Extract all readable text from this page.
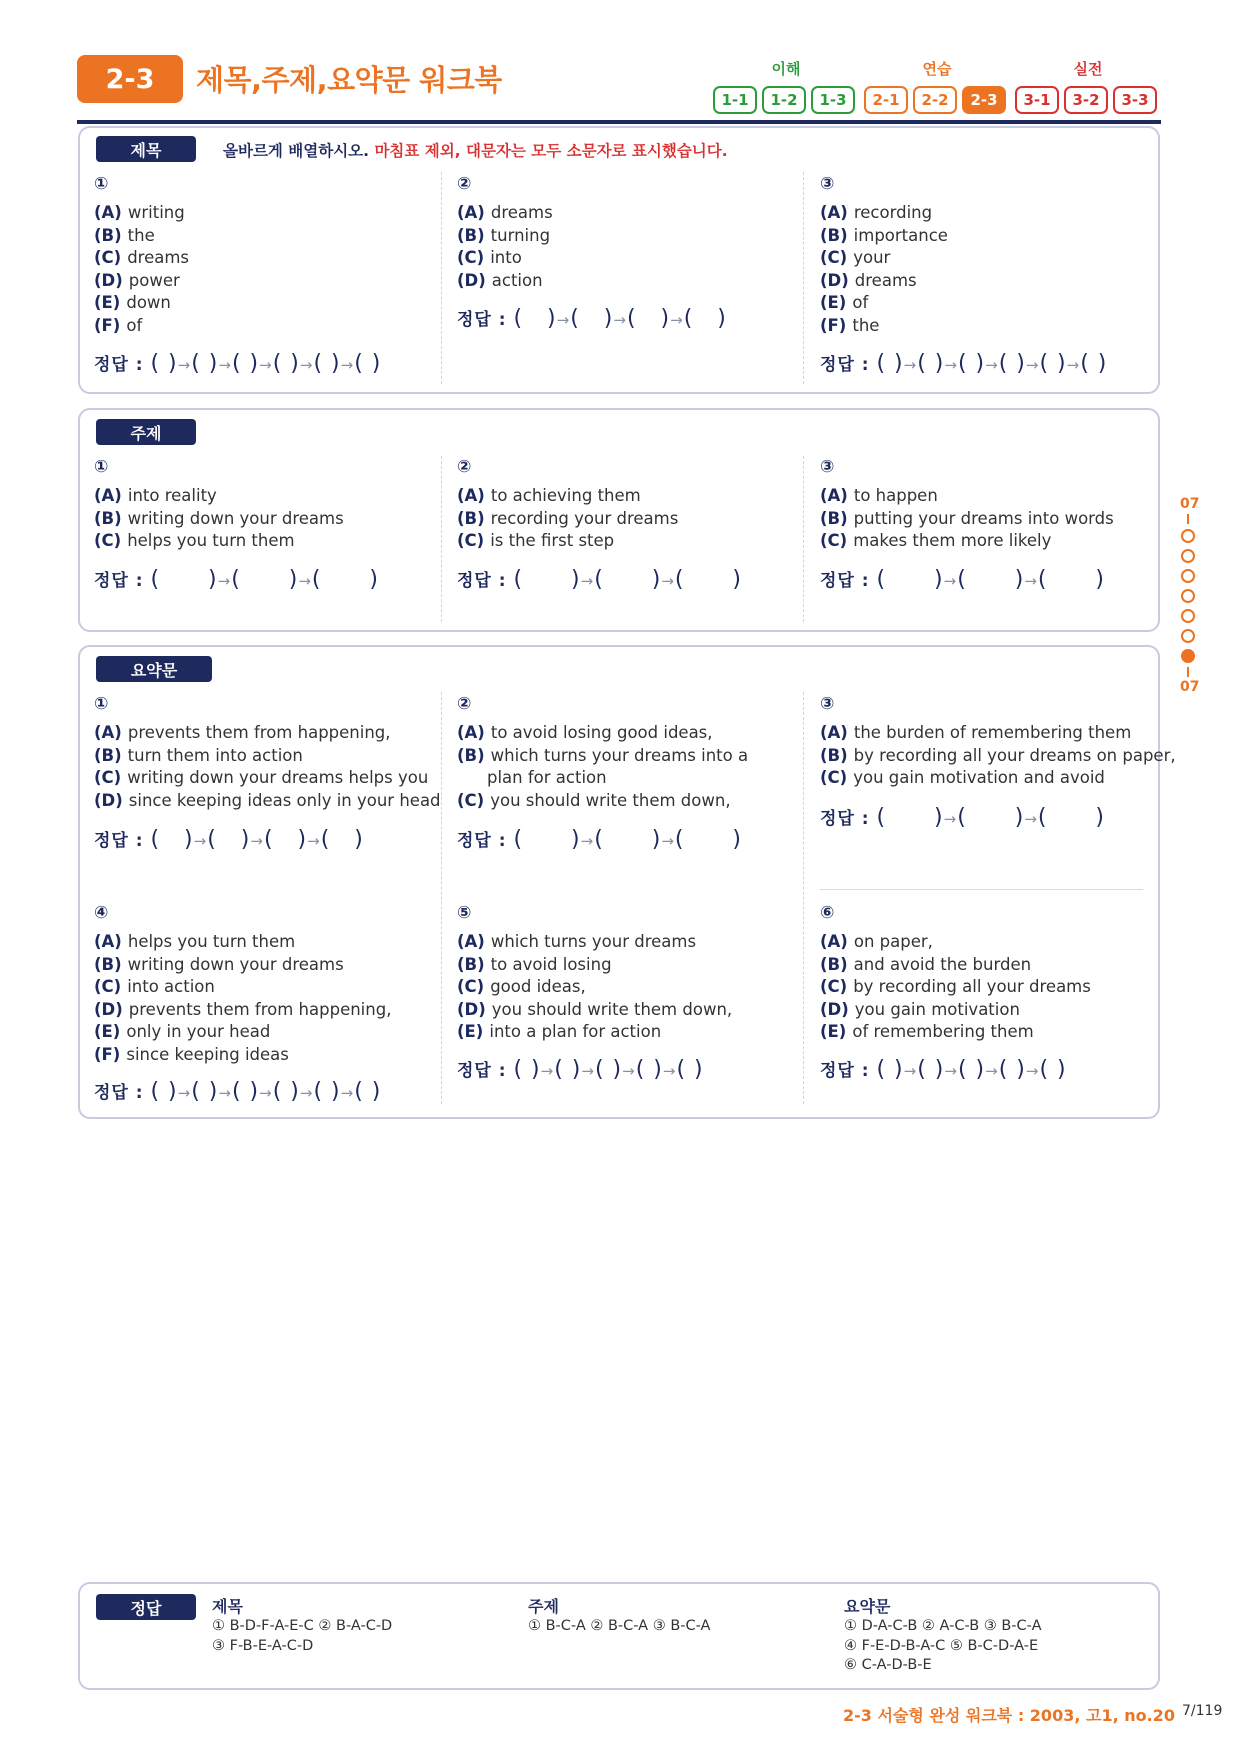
2-3	제목,주제,요약문 워크북	이해	연습	실전
1-1	1-2	1-3	2-1	2-2	2-3	3-1	3-2	3-3
07
07
제목	올바르게 배열하시오. 마침표 제외, 대문자는 모두 소문자로 표시했습니다.
①
(A) writing
(B) the
(C) dreams
(D) power
(E) down
(F) of
정답 : ( )→( )→( )→( )→( )→( )
②
(A) dreams
(B) turning
(C) into
(D) action
정답 : (   )→(   )→(   )→(   )
③
(A) recording
(B) importance
(C) your
(D) dreams
(E) of
(F) the
정답 : ( )→( )→( )→( )→( )→( )
주제
①
(A) into reality
(B) writing down your dreams
(C) helps you turn them
정답 : (      )→(      )→(      )
②
(A) to achieving them
(B) recording your dreams
(C) is the first step
정답 : (      )→(      )→(      )
③
(A) to happen
(B) putting your dreams into words
(C) makes them more likely
정답 : (      )→(      )→(      )
요약문
①
(A) prevents them from happening,
(B) turn them into action
(C) writing down your dreams helps you
(D) since keeping ideas only in your head
정답 : (   )→(   )→(   )→(   )
②
(A) to avoid losing good ideas,
(B) which turns your dreams into a plan for action
(C) you should write them down,
정답 : (      )→(      )→(      )
③
(A) the burden of remembering them
(B) by recording all your dreams on paper,
(C) you gain motivation and avoid
정답 : (      )→(      )→(      )
④
(A) helps you turn them
(B) writing down your dreams
(C) into action
(D) prevents them from happening,
(E) only in your head
(F) since keeping ideas
정답 : ( )→( )→( )→( )→( )→( )
⑤
(A) which turns your dreams
(B) to avoid losing
(C) good ideas,
(D) you should write them down,
(E) into a plan for action
정답 : ( )→( )→( )→( )→( )
⑥
(A) on paper,
(B) and avoid the burden
(C) by recording all your dreams
(D) you gain motivation
(E) of remembering them
정답 : ( )→( )→( )→( )→( )
정답	제목
① B-D-F-A-E-C ② B-A-C-D
③ F-B-E-A-C-D
주제
① B-C-A ② B-C-A ③ B-C-A
요약문
① D-A-C-B ② A-C-B ③ B-C-A
④ F-E-D-B-A-C ⑤ B-C-D-A-E
⑥ C-A-D-B-E
2-3 서술형 완성 워크북 : 2003, 고1, no.20 7/119
